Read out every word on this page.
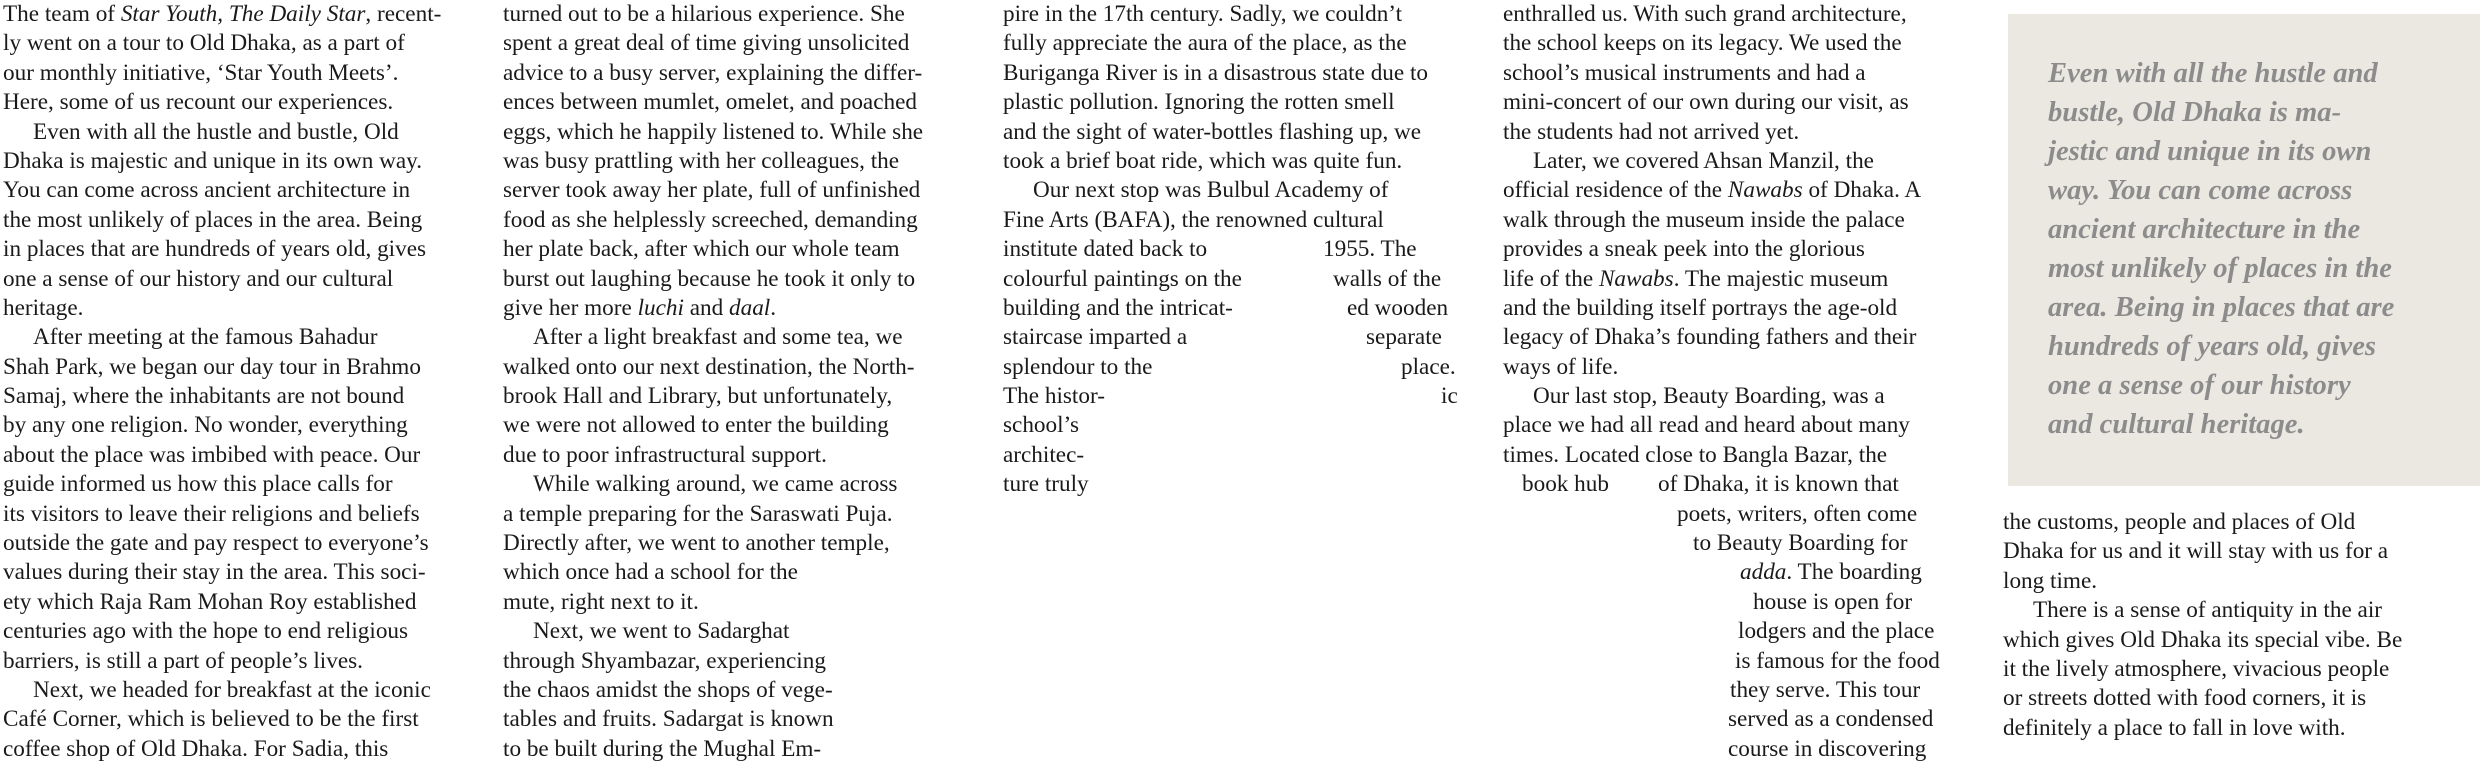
The team of Star Youth, The Daily Star, recent-
ly went on a tour to Old Dhaka, as a part of
our monthly initiative, ‘Star Youth Meets’.
Here, some of us recount our experiences.
Even with all the hustle and bustle, Old
Dhaka is majestic and unique in its own way.
You can come across ancient architecture in
the most unlikely of places in the area. Being
in places that are hundreds of years old, gives
one a sense of our history and our cultural
heritage.
After meeting at the famous Bahadur
Shah Park, we began our day tour in Brahmo
Samaj, where the inhabitants are not bound
by any one religion. No wonder, everything
about the place was imbibed with peace. Our
guide informed us how this place calls for
its visitors to leave their religions and beliefs
outside the gate and pay respect to everyone’s
values during their stay in the area. This soci-
ety which Raja Ram Mohan Roy established
centuries ago with the hope to end religious
barriers, is still a part of people’s lives.
Next, we headed for breakfast at the iconic
Café Corner, which is believed to be the first
coffee shop of Old Dhaka. For Sadia, this
turned out to be a hilarious experience. She
spent a great deal of time giving unsolicited
advice to a busy server, explaining the differ-
ences between mumlet, omelet, and poached
eggs, which he happily listened to. While she
was busy prattling with her colleagues, the
server took away her plate, full of unfinished
food as she helplessly screeched, demanding
her plate back, after which our whole team
burst out laughing because he took it only to
give her more luchi and daal.
After a light breakfast and some tea, we
walked onto our next destination, the North-
brook Hall and Library, but unfortunately,
we were not allowed to enter the building
due to poor infrastructural support.
While walking around, we came across
a temple preparing for the Saraswati Puja.
Directly after, we went to another temple,
which once had a school for the
mute, right next to it.
Next, we went to Sadarghat
through Shyambazar, experiencing
the chaos amidst the shops of vege-
tables and fruits. Sadargat is known
to be built during the Mughal Em-
pire in the 17th century. Sadly, we couldn’t
fully appreciate the aura of the place, as the
Buriganga River is in a disastrous state due to
plastic pollution. Ignoring the rotten smell
and the sight of water-bottles flashing up, we
took a brief boat ride, which was quite fun.
Our next stop was Bulbul Academy of
Fine Arts (BAFA), the renowned cultural
institute dated back to	1955. The
colourful paintings on the	walls of the
building and the intricat-	ed wooden
staircase imparted a	separate
splendour to the	place.
The histor-	ic
school’s
architec-
ture truly
enthralled us. With such grand architecture,
the school keeps on its legacy. We used the
school’s musical instruments and had a
mini-concert of our own during our visit, as
the students had not arrived yet.
Later, we covered Ahsan Manzil, the
official residence of the Nawabs of Dhaka. A
walk through the museum inside the palace
provides a sneak peek into the glorious
life of the Nawabs. The majestic museum
and the building itself portrays the age-old
legacy of Dhaka’s founding fathers and their
ways of life.
Our last stop, Beauty Boarding, was a
place we had all read and heard about many
times. Located close to Bangla Bazar, the
book hub of Dhaka, it is known that
poets, writers, often come
to Beauty Boarding for
adda. The boarding
house is open for
lodgers and the place
is famous for the food
they serve. This tour
served as a condensed
course in discovering
Even with all the hustle and
bustle, Old Dhaka is ma-
jestic and unique in its own
way. You can come across
ancient architecture in the
most unlikely of places in the
area. Being in places that are
hundreds of years old, gives
one a sense of our history
and cultural heritage.
the customs, people and places of Old
Dhaka for us and it will stay with us for a
long time.
There is a sense of antiquity in the air
which gives Old Dhaka its special vibe. Be
it the lively atmosphere, vivacious people
or streets dotted with food corners, it is
definitely a place to fall in love with.
